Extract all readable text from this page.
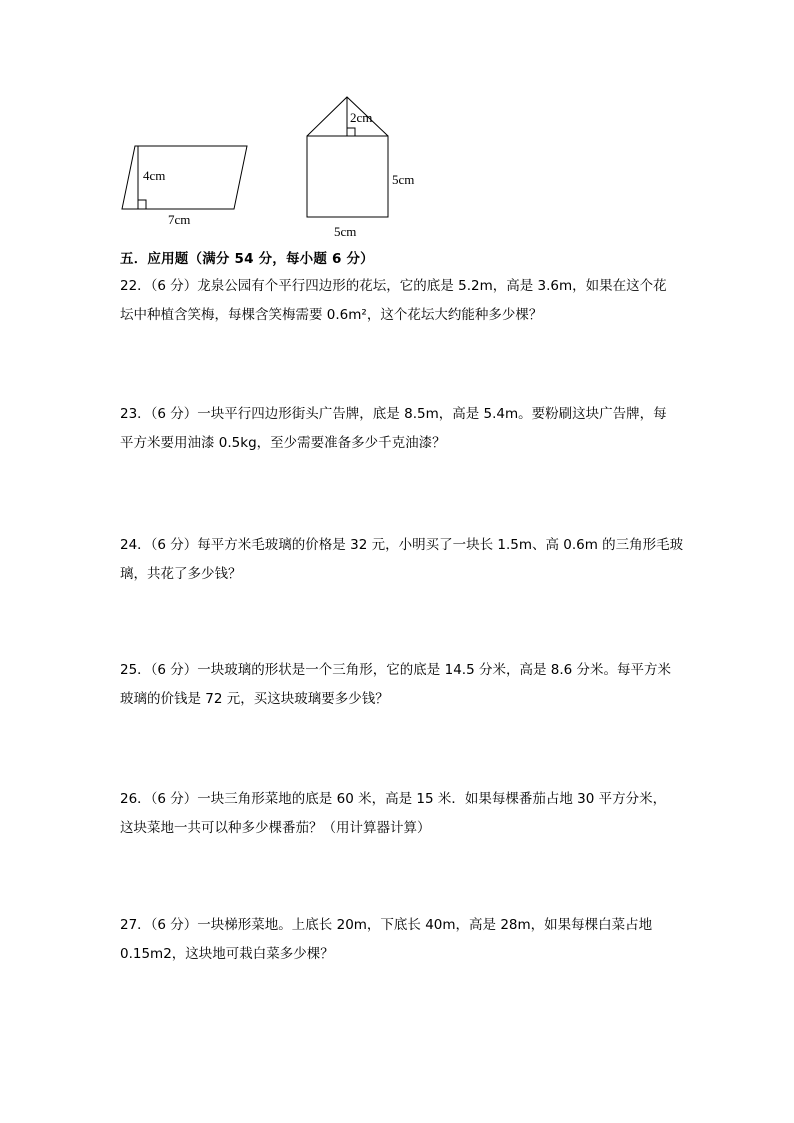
4cm
7cm
2cm
5cm
5cm
五．应用题（满分 54 分，每小题 6 分）

22．（6 分）龙泉公园有个平行四边形的花坛，它的底是 5.2m，高是 3.6m，如果在这个花

坛中种植含笑梅，每棵含笑梅需要 0.6m²，这个花坛大约能种多少棵？

23．（6 分）一块平行四边形街头广告牌，底是 8.5m，高是 5.4m。要粉刷这块广告牌，每

平方米要用油漆 0.5kg，至少需要准备多少千克油漆？

24．（6 分）每平方米毛玻璃的价格是 32 元，小明买了一块长 1.5m、高 0.6m 的三角形毛玻

璃，共花了多少钱？

25．（6 分）一块玻璃的形状是一个三角形，它的底是 14.5 分米，高是 8.6 分米。每平方米

玻璃的价钱是 72 元，买这块玻璃要多少钱？

26．（6 分）一块三角形菜地的底是 60 米，高是 15 米．如果每棵番茄占地 30 平方分米，

这块菜地一共可以种多少棵番茄？（用计算器计算）

27．（6 分）一块梯形菜地。上底长 20m，下底长 40m，高是 28m，如果每棵白菜占地

0.15m2，这块地可栽白菜多少棵？
